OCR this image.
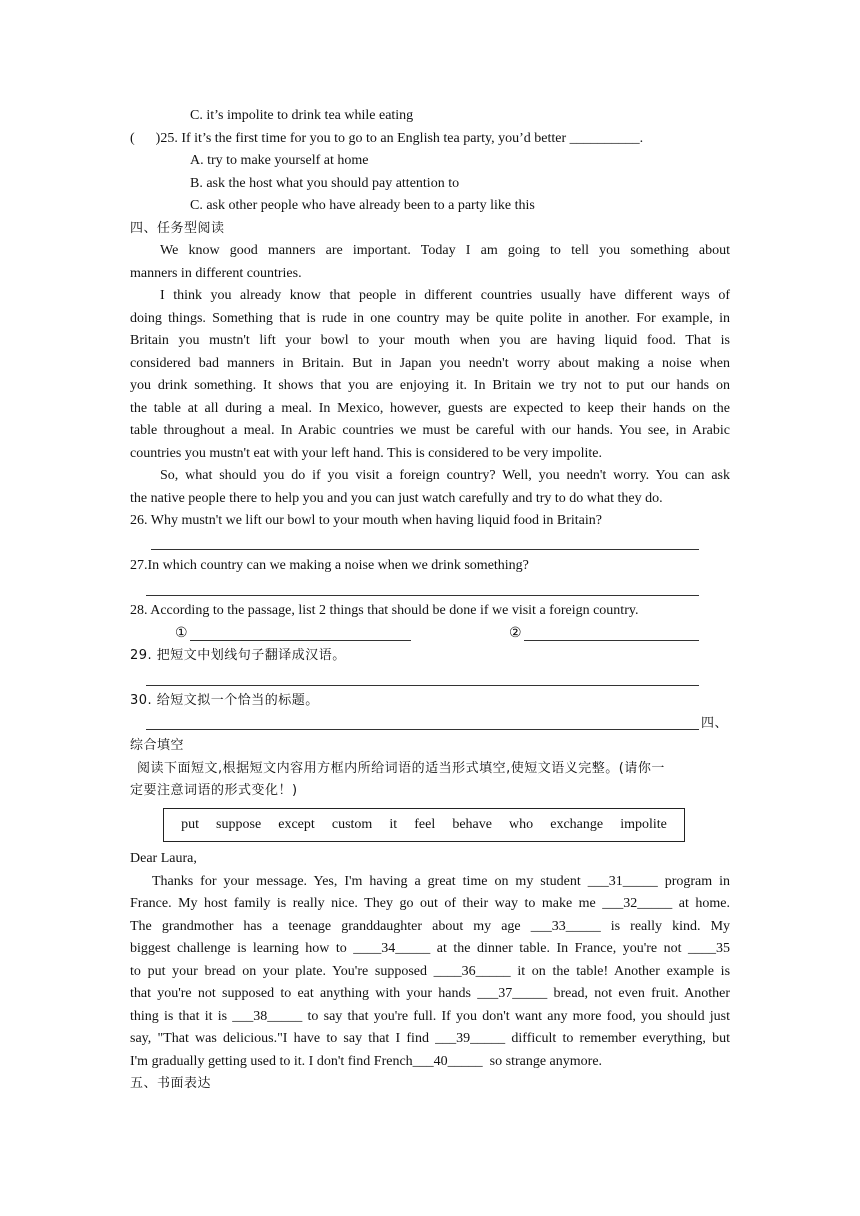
C. it’s impolite to drink tea while eating
( )25. If it’s the first time for you to go to an English tea party, you’d better __________.
A. try to make yourself at home
B. ask the host what you should pay attention to
C. ask other people who have already been to a party like this
四、任务型阅读
We know good manners are important. Today I am going to tell you something about
manners in different countries.
I think you already know that people in different countries usually have different ways of
doing things. Something that is rude in one country may be quite polite in another. For example, in
Britain you mustn't lift your bowl to your mouth when you are having liquid food. That is
considered bad manners in Britain. But in Japan you needn't worry about making a noise when
you drink something. It shows that you are enjoying it. In Britain we try not to put our hands on
the table at all during a meal. In Mexico, however, guests are expected to keep their hands on the
table throughout a meal. In Arabic countries we must be careful with our hands. You see, in Arabic
countries you mustn't eat with your left hand. This is considered to be very impolite.
So, what should you do if you visit a foreign country? Well, you needn't worry. You can ask
the native people there to help you and you can just watch carefully and try to do what they do.
26. Why mustn't we lift our bowl to your mouth when having liquid food in Britain?
27.In which country can we making a noise when we drink something?
28. According to the passage, list 2 things that should be done if we visit a foreign country.
①	②
29. 把短文中划线句子翻译成汉语。
30. 给短文拟一个恰当的标题。
四、
综合填空
阅读下面短文,根据短文内容用方框内所给词语的适当形式填空,使短文语义完整。(请你一
定要注意词语的形式变化！)
put suppose except custom it feel behave who exchange impolite
Dear Laura,
Thanks for your message. Yes, I'm having a great time on my student ___31_____ program in
France. My host family is really nice. They go out of their way to make me ___32_____ at home.
The grandmother has a teenage granddaughter about my age ___33_____ is really kind. My
biggest challenge is learning how to ____34_____ at the dinner table. In France, you're not ____35
to put your bread on your plate. You're supposed ____36_____ it on the table! Another example is
that you're not supposed to eat anything with your hands ___37_____ bread, not even fruit. Another
thing is that it is ___38_____ to say that you're full. If you don't want any more food, you should just
say, "That was delicious."I have to say that I find ___39_____ difficult to remember everything, but
I'm gradually getting used to it. I don't find French___40_____  so strange anymore.
五、书面表达
